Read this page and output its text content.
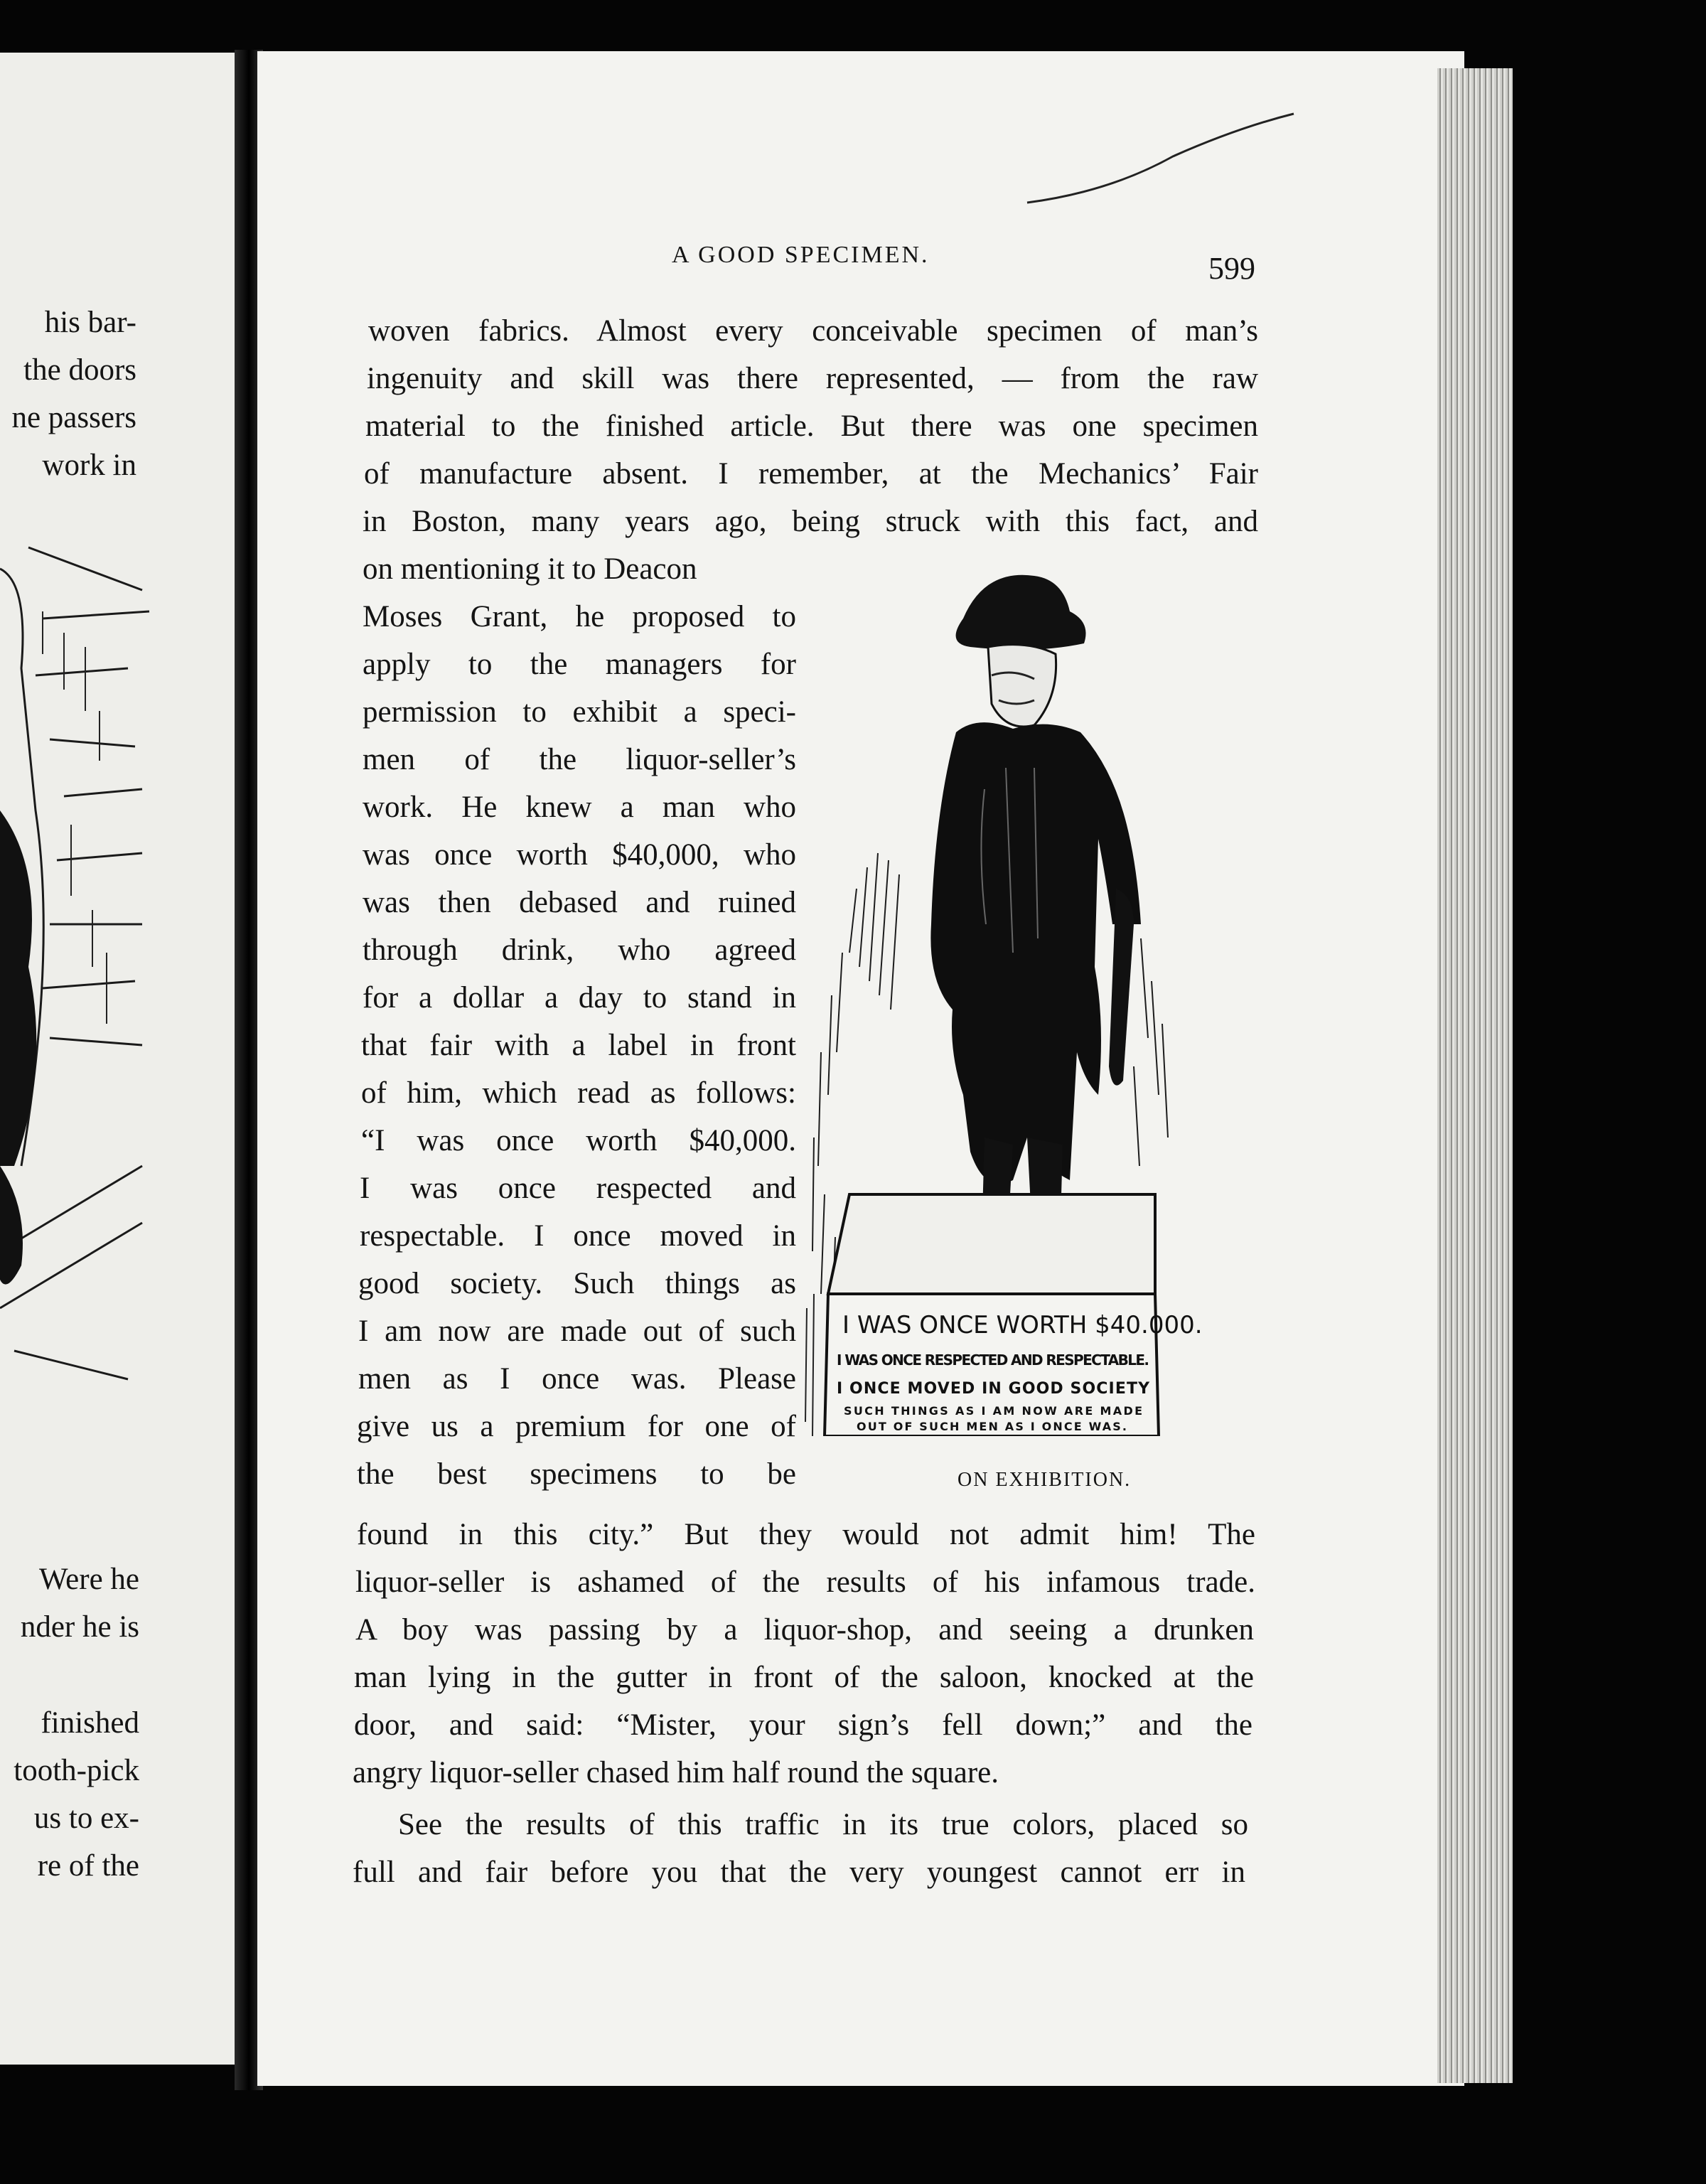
his bar-
the doors
ne passers
work in
Were he
nder he is
finished
tooth-pick
us to ex-
re of the
A GOOD SPECIMEN.	599
woven fabrics. Almost every conceivable specimen of man’s
ingenuity and skill was there represented, — from the raw
material to the finished article. But there was one specimen
of manufacture absent. I remember, at the Mechanics’ Fair
in Boston, many years ago, being struck with this fact, and
on mentioning it to Deacon
Moses Grant, he proposed to
apply to the managers for
permission to exhibit a speci-
men of the liquor-seller’s
work. He knew a man who
was once worth $40,000, who
was then debased and ruined
through drink, who agreed
for a dollar a day to stand in
that fair with a label in front
of him, which read as follows:
“I was once worth $40,000.
I was once respected and
respectable. I once moved in
good society. Such things as
I am now are made out of such
men as I once was. Please
give us a premium for one of
the best specimens to be
I WAS ONCE WORTH $40.000.
I WAS ONCE RESPECTED AND RESPECTABLE.
I ONCE MOVED IN GOOD SOCIETY
SUCH THINGS AS I AM NOW ARE MADE
OUT OF SUCH MEN AS I ONCE WAS.
ON EXHIBITION.
found in this city.” But they would not admit him! The
liquor-seller is ashamed of the results of his infamous trade.
A boy was passing by a liquor-shop, and seeing a drunken
man lying in the gutter in front of the saloon, knocked at the
door, and said: “Mister, your sign’s fell down;” and the
angry liquor-seller chased him half round the square.
See the results of this traffic in its true colors, placed so
full and fair before you that the very youngest cannot err in
